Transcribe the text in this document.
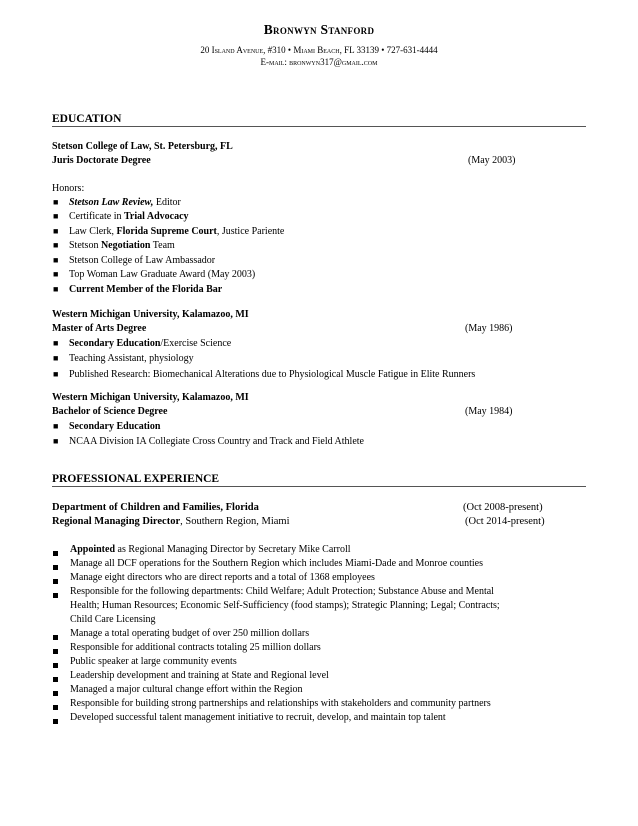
Bronwyn Stanford
20 Island Avenue, #310 • Miami Beach, FL 33139 • 727-631-4444
E-mail: bronwyn317@gmail.com
EDUCATION
Stetson College of Law, St. Petersburg, FL
Juris Doctorate Degree	(May 2003)
Honors:
■ Stetson Law Review, Editor
■ Certificate in Trial Advocacy
■ Law Clerk, Florida Supreme Court, Justice Pariente
■ Stetson Negotiation Team
■ Stetson College of Law Ambassador
■ Top Woman Law Graduate Award (May 2003)
■ Current Member of the Florida Bar
Western Michigan University, Kalamazoo, MI
Master of Arts Degree	(May 1986)
■ Secondary Education/Exercise Science
■ Teaching Assistant, physiology
■ Published Research: Biomechanical Alterations due to Physiological Muscle Fatigue in Elite Runners
Western Michigan University, Kalamazoo, MI
Bachelor of Science Degree	(May 1984)
■ Secondary Education
■ NCAA Division IA Collegiate Cross Country and Track and Field Athlete
PROFESSIONAL EXPERIENCE
Department of Children and Families, Florida	(Oct 2008-present)
Regional Managing Director, Southern Region, Miami	(Oct 2014-present)
Appointed as Regional Managing Director by Secretary Mike Carroll
Manage all DCF operations for the Southern Region which includes Miami-Dade and Monroe counties
Manage eight directors who are direct reports and a total of 1368 employees
Responsible for the following departments: Child Welfare; Adult Protection; Substance Abuse and Mental
Health; Human Resources; Economic Self-Sufficiency (food stamps); Strategic Planning; Legal; Contracts;
Child Care Licensing
Manage a total operating budget of over 250 million dollars
Responsible for additional contracts totaling 25 million dollars
Public speaker at large community events
Leadership development and training at State and Regional level
Managed a major cultural change effort within the Region
Responsible for building strong partnerships and relationships with stakeholders and community partners
Developed successful talent management initiative to recruit, develop, and maintain top talent
